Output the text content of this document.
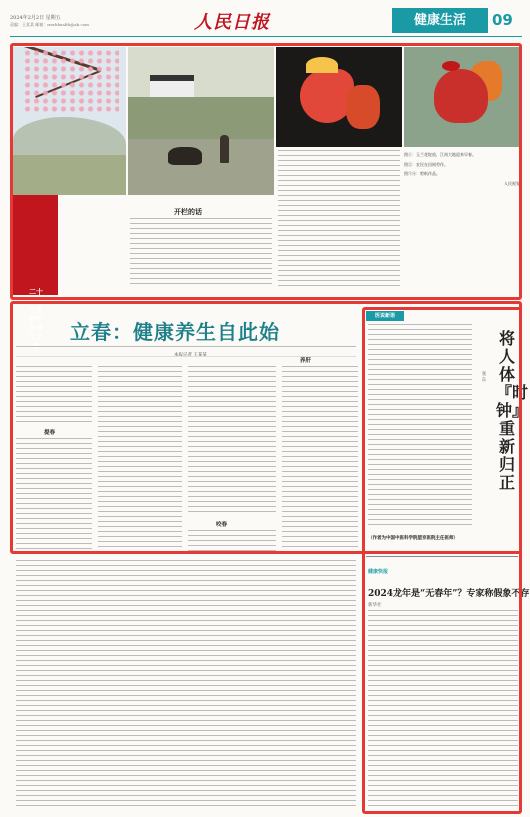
2024年2月2日 星期五
责编：王某某 邮箱：rmrbhealth@ab.com	人民日报	健康生活	09
二十四节气里的中医养生之

图①：玉兰花绽放，江南大地迎来早春。

图②：农民在田间劳作。

图③④：剪纸作品。

人民视觉

开栏的话
立春：健康养生自此始
提春
咬春
养肝
医说新语
将人体『时钟』重新归正
张东
（作者为中国中医科学院望京医院主任医师）
健康快报
2024龙年是“无春年”？专家称假象不存
新华社
